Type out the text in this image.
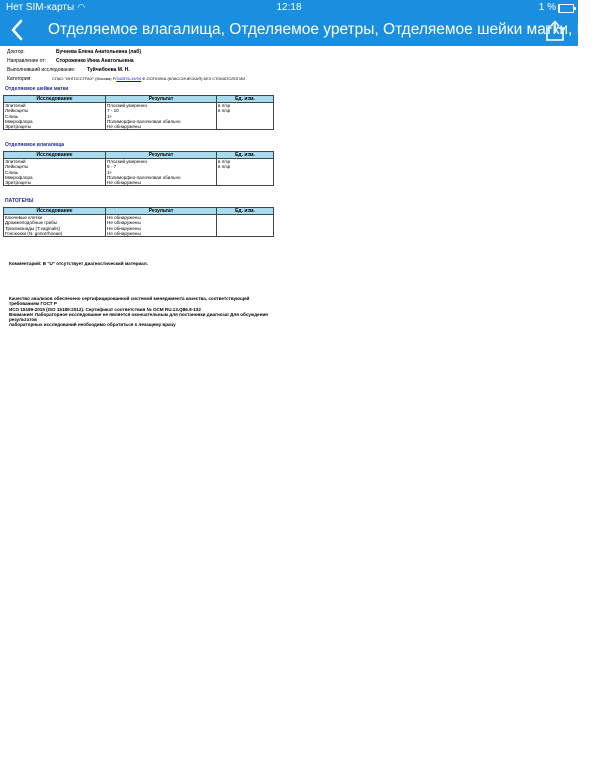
Нет SIM-карты ◠	12:18	1 %
Отделяемое влагалища, Отделяемое уретры, Отделяемое шейки матки, П...
Доктор:	Бучнева Елена Анатольевна (лаб)
Направление от: Стороженко Инна Анатольевна
Выполнивший исследование: Туйчибоева М. Н.
Категория:	СПАО "ИНГОССТРАХ" (Москва) Р/342576-19/09 Ф-ООПОЛКА (КЛАССИЧЕСКАЯ) БЕЗ СТОМАТОЛОГИИ
Отделяемое шейки матки
Исследование	Результат	Ед. изм.
Эпителий	Плоский умеренно	в п/зр
Лейкоциты	7 - 10	в п/зр
Слизь	1+	
Микрофлора	Полиморфно-палочковая обильно	
Эритроциты	Не обнаружены	
Отделяемое влагалища
Исследование	Результат	Ед. изм.
Эпителий	Плоский умеренно	в п/зр
Лейкоциты	5 - 7	в п/зр
Слизь	1+	
Микрофлора	Полиморфно-палочковая обильно	
Эритроциты	Не обнаружены	
ПАТОГЕНЫ
Исследование	Результат	Ед. изм.
Ключевые клетки	Не обнаружены	
Дрожжеподобные грибы	Не обнаружены	
Трихомонады (T.vaginalis)	Не обнаружены	
Гонококки (N. gonorrhoeae)	Не обнаружены	
Комментарий: В "U" отсутствует диагностический материал.
Качество анализов обеспечено сертифицированной системой менеджмента качества, соответствующей требованиям ГОСТ Р
ИСО 15189-2015 (ISO 15189:2012). Сертификат соответствия № ОСМ RU.13.Q86.9-132
Внимание! Лабораторное исследование не является окончательным для постановки диагноза! Для обсуждения результатов
лабораторных исследований необходимо обратиться к лечащему врачу
